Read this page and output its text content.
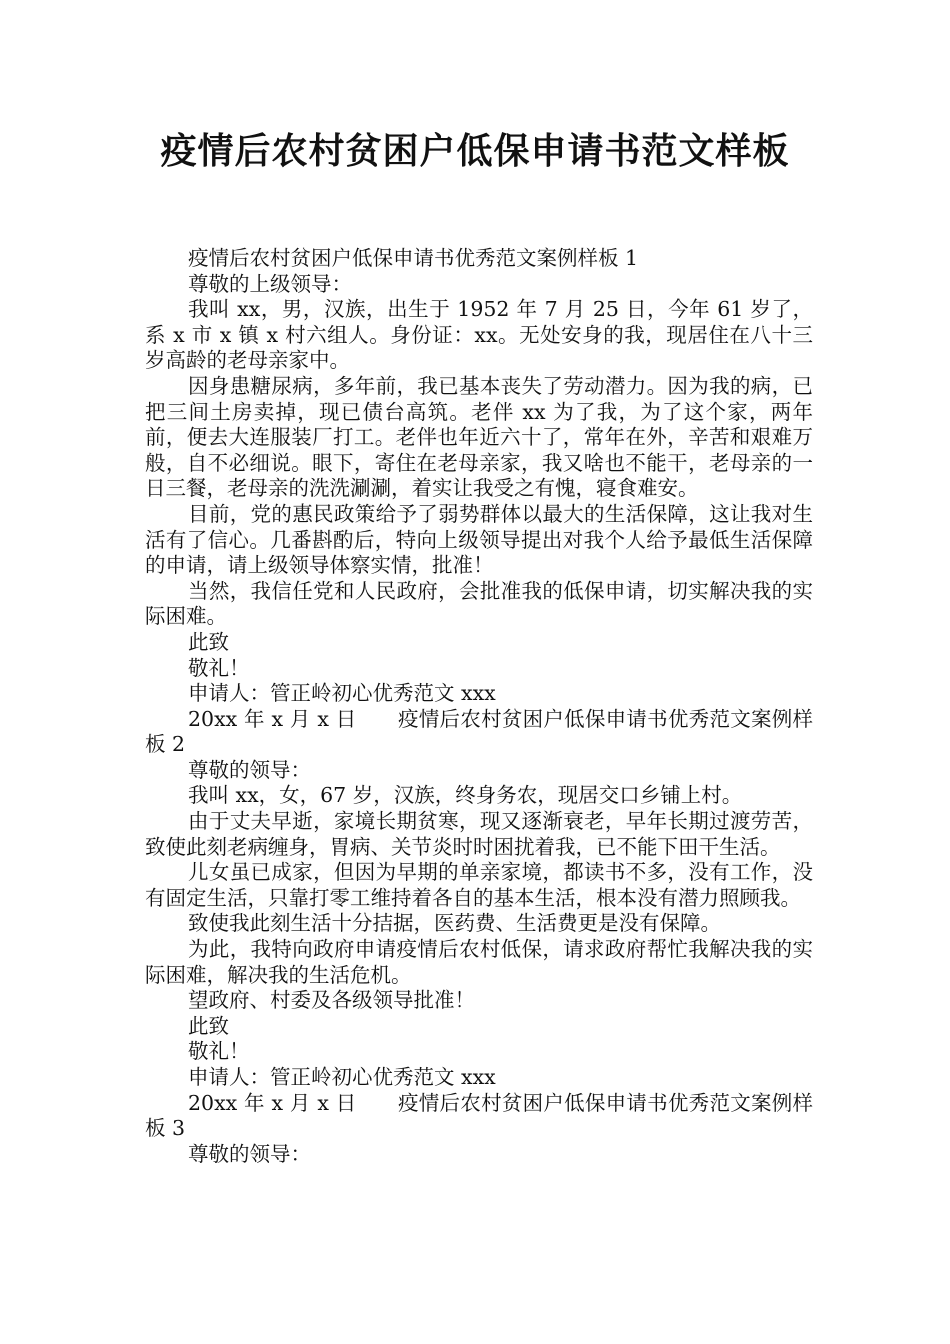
疫情后农村贫困户低保申请书范文样板

疫情后农村贫困户低保申请书优秀范文案例样板 1

尊敬的上级领导：

我叫 xx，男，汉族，出生于 1952 年 7 月 25 日，今年 61 岁了，系 x 市 x 镇 x 村六组人。身份证：xx。无处安身的我，现居住在八十三岁高龄的老母亲家中。

因身患糖尿病，多年前，我已基本丧失了劳动潜力。因为我的病，已把三间土房卖掉，现已债台高筑。老伴 xx 为了我，为了这个家，两年前，便去大连服装厂打工。老伴也年近六十了，常年在外，辛苦和艰难万般，自不必细说。眼下，寄住在老母亲家，我又啥也不能干，老母亲的一日三餐，老母亲的洗洗涮涮，着实让我受之有愧，寝食难安。

目前，党的惠民政策给予了弱势群体以最大的生活保障，这让我对生活有了信心。几番斟酌后，特向上级领导提出对我个人给予最低生活保障的申请，请上级领导体察实情，批准！

当然，我信任党和人民政府，会批准我的低保申请，切实解决我的实际困难。

此致

敬礼！

申请人：管正岭初心优秀范文 xxx

20xx 年 x 月 x 日　　疫情后农村贫困户低保申请书优秀范文案例样板 2

尊敬的领导：

我叫 xx，女，67 岁，汉族，终身务农，现居交口乡铺上村。

由于丈夫早逝，家境长期贫寒，现又逐渐衰老，早年长期过渡劳苦，致使此刻老病缠身，胃病、关节炎时时困扰着我，已不能下田干生活。

儿女虽已成家，但因为早期的单亲家境，都读书不多，没有工作，没有固定生活，只靠打零工维持着各自的基本生活，根本没有潜力照顾我。

致使我此刻生活十分拮据，医药费、生活费更是没有保障。

为此，我特向政府申请疫情后农村低保，请求政府帮忙我解决我的实际困难，解决我的生活危机。

望政府、村委及各级领导批准！

此致

敬礼！

申请人：管正岭初心优秀范文 xxx

20xx 年 x 月 x 日　　疫情后农村贫困户低保申请书优秀范文案例样板 3

尊敬的领导：
